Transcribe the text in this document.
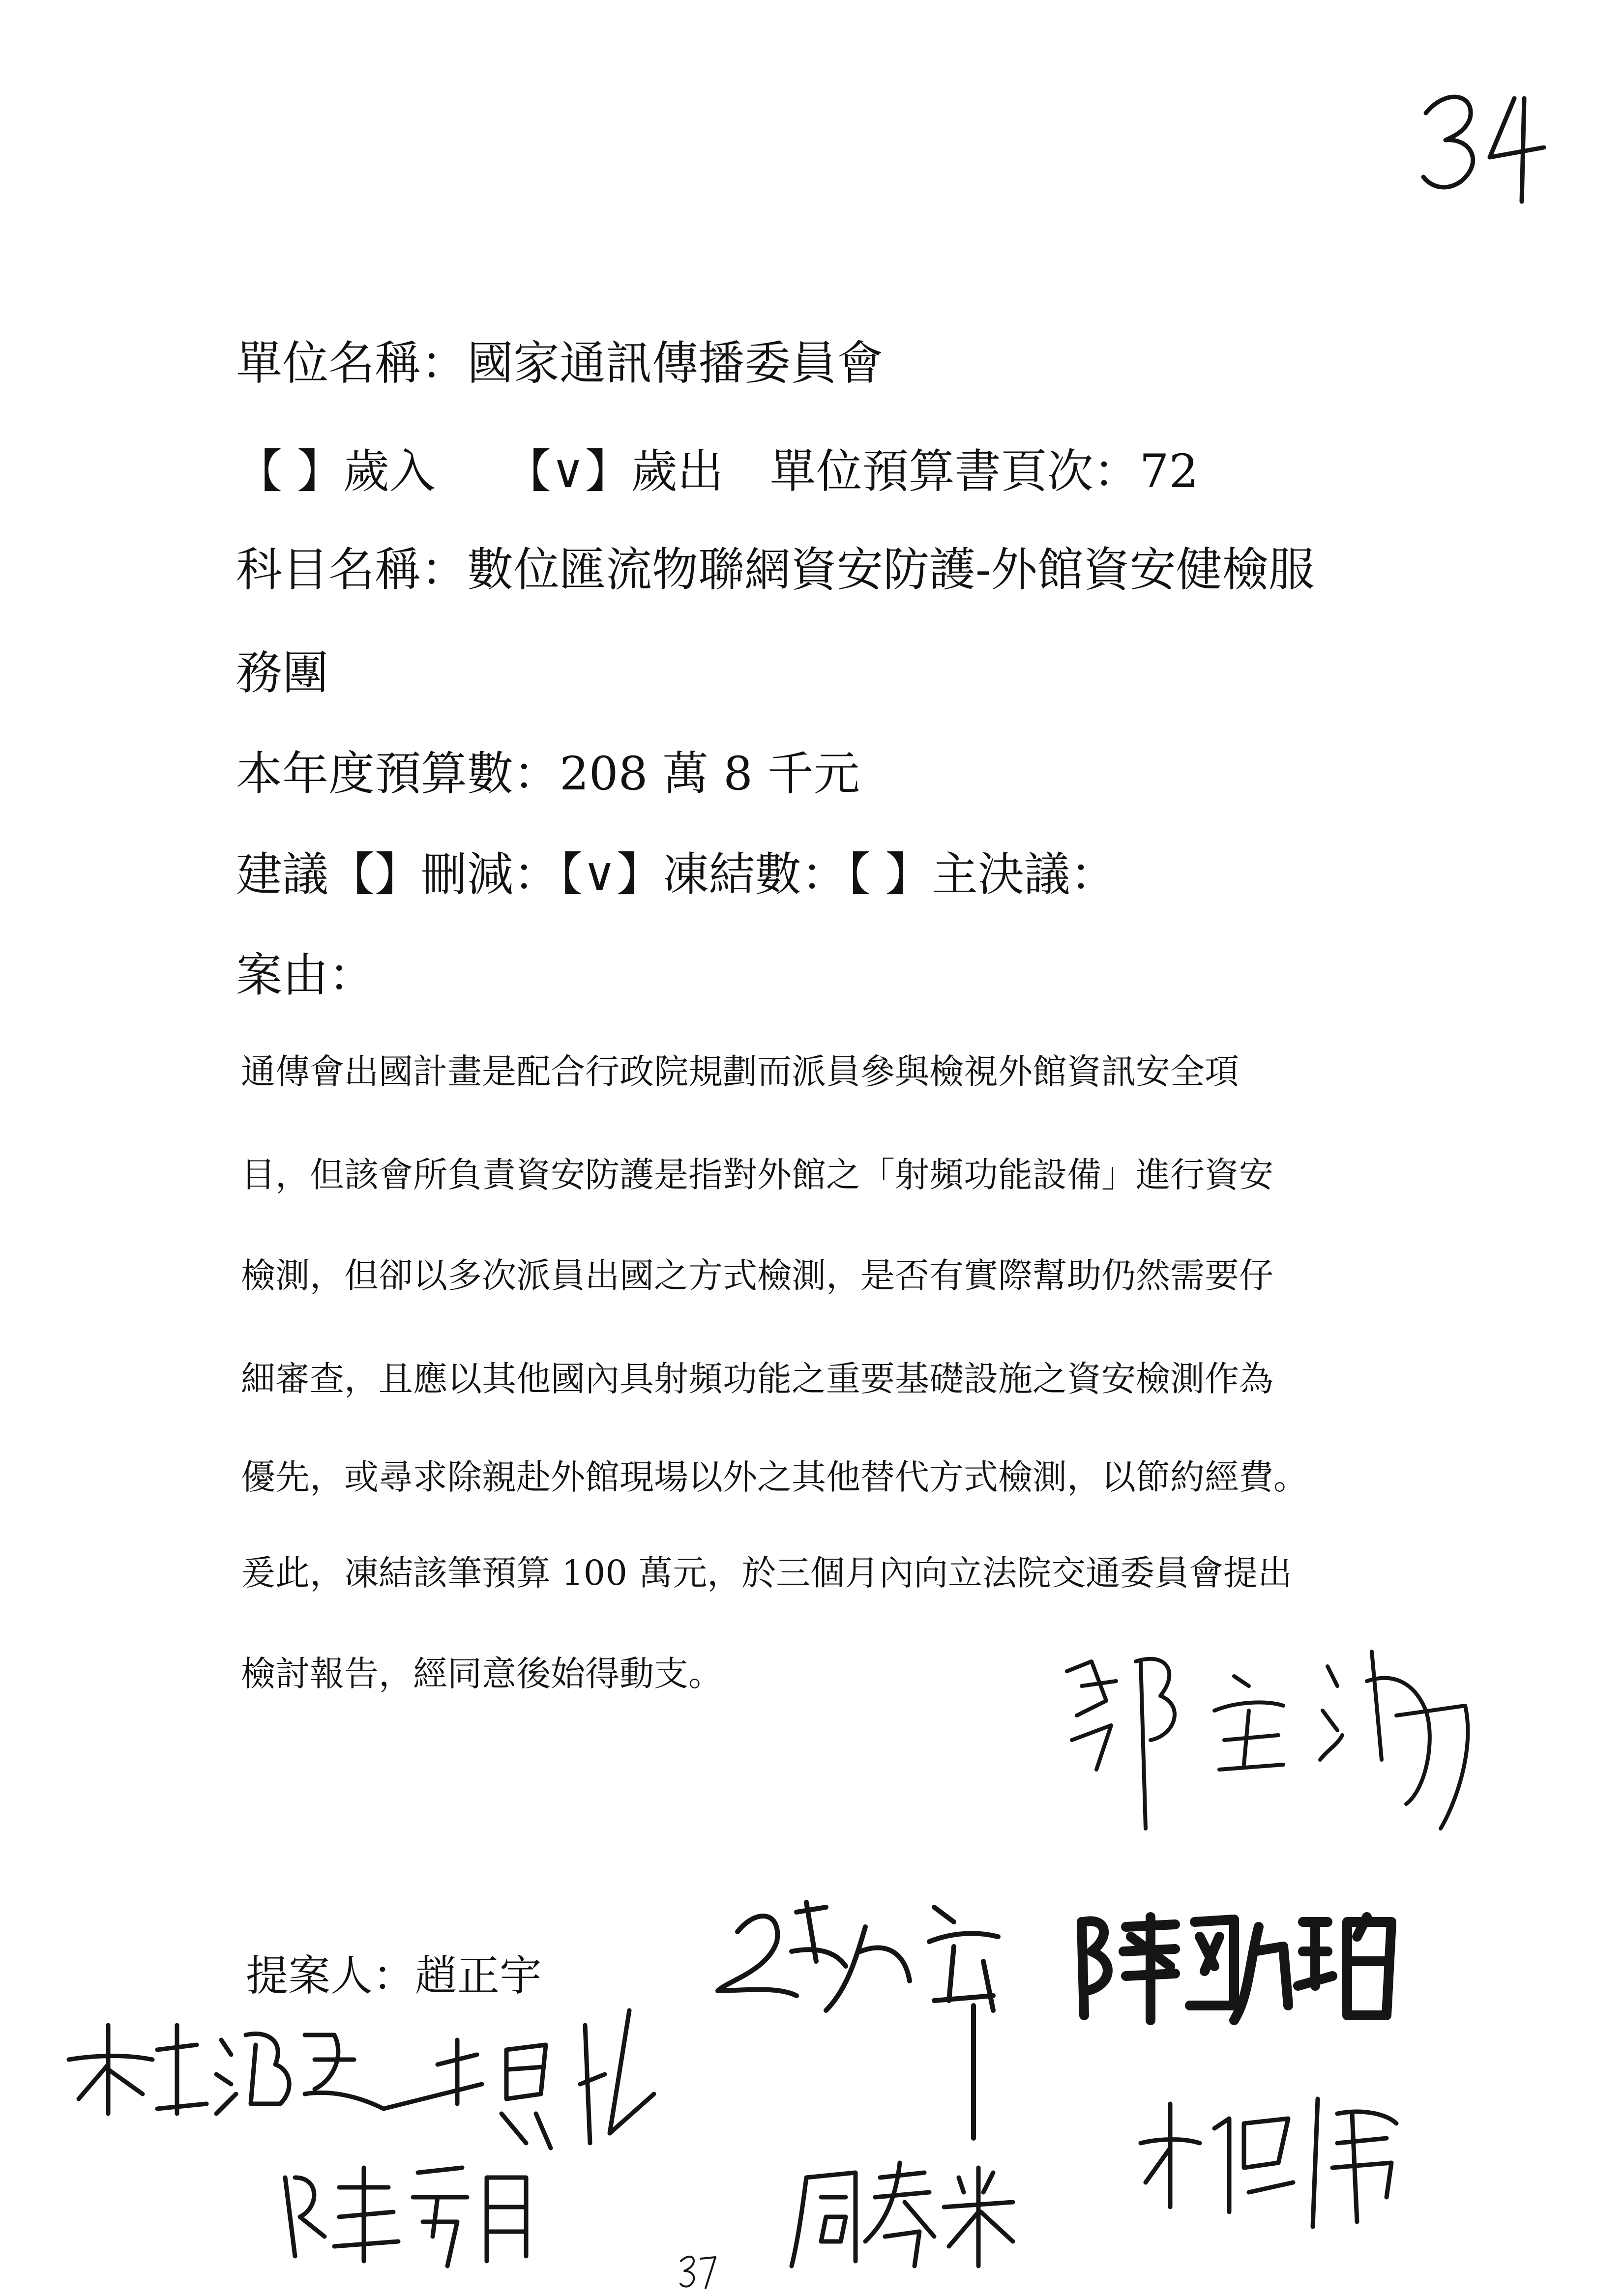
單位名稱：國家通訊傳播委員會
【 】歲入　　【∨】歲出　單位預算書頁次：72
科目名稱：數位匯流物聯網資安防護-外館資安健檢服
務團
本年度預算數：208 萬 8 千元
建議【】刪減：【∨】凍結數：【 】主決議：
案由：
通傳會出國計畫是配合行政院規劃而派員參與檢視外館資訊安全項
目，但該會所負責資安防護是指對外館之「射頻功能設備」進行資安
檢測，但卻以多次派員出國之方式檢測，是否有實際幫助仍然需要仔
細審查，且應以其他國內具射頻功能之重要基礎設施之資安檢測作為
優先，或尋求除親赴外館現場以外之其他替代方式檢測，以節約經費。
爰此，凍結該筆預算 100 萬元，於三個月內向立法院交通委員會提出
檢討報告，經同意後始得動支。
提案人：趙正宇
